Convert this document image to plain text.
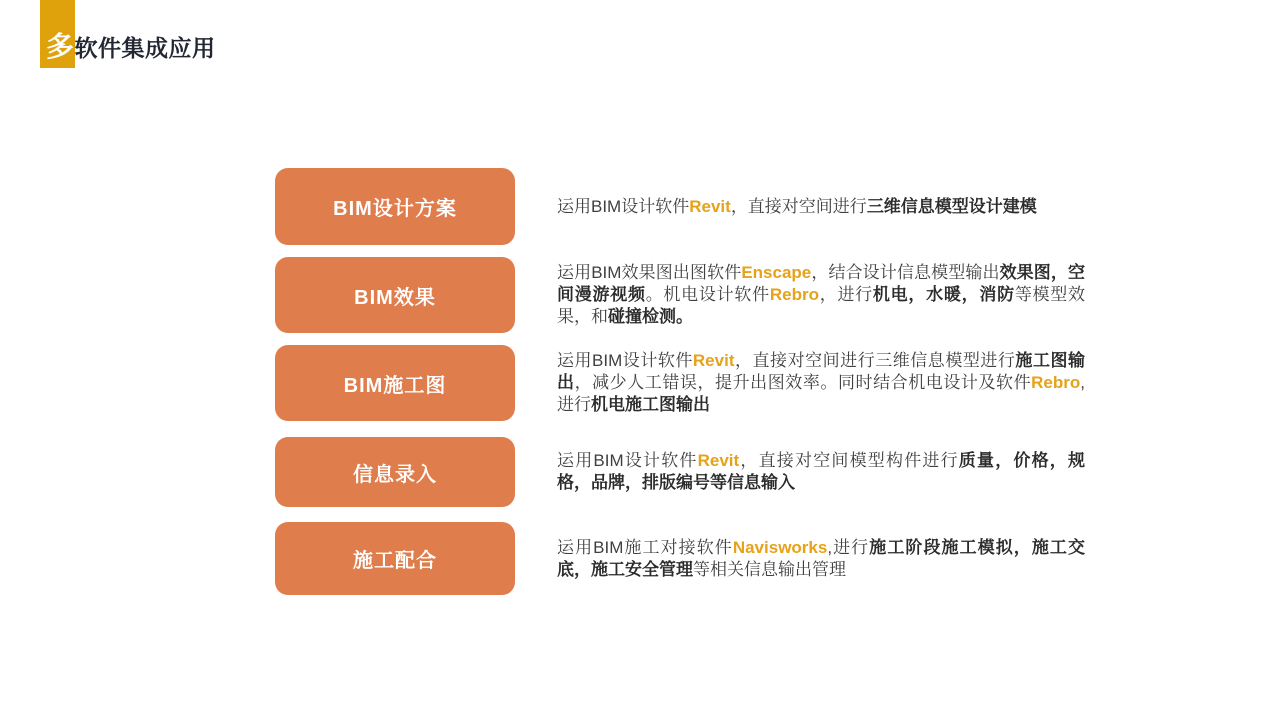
多软件集成应用
BIM设计方案	运用BIM设计软件Revit，直接对空间进行三维信息模型设计建模

BIM效果

运用BIM效果图出图软件Enscape，结合设计信息模型输出效果图，空间漫游视频。机电设计软件Rebro，进行机电，水暖，消防等模型效果，和碰撞检测。

BIM施工图

运用BIM设计软件Revit，直接对空间进行三维信息模型进行施工图输出，减少人工错误，提升出图效率。同时结合机电设计及软件Rebro,进行机电施工图输出

信息录入

运用BIM设计软件Revit，直接对空间模型构件进行质量，价格，规格，品牌，排版编号等信息输入

施工配合

运用BIM施工对接软件Navisworks,进行施工阶段施工模拟，施工交底，施工安全管理等相关信息输出管理
